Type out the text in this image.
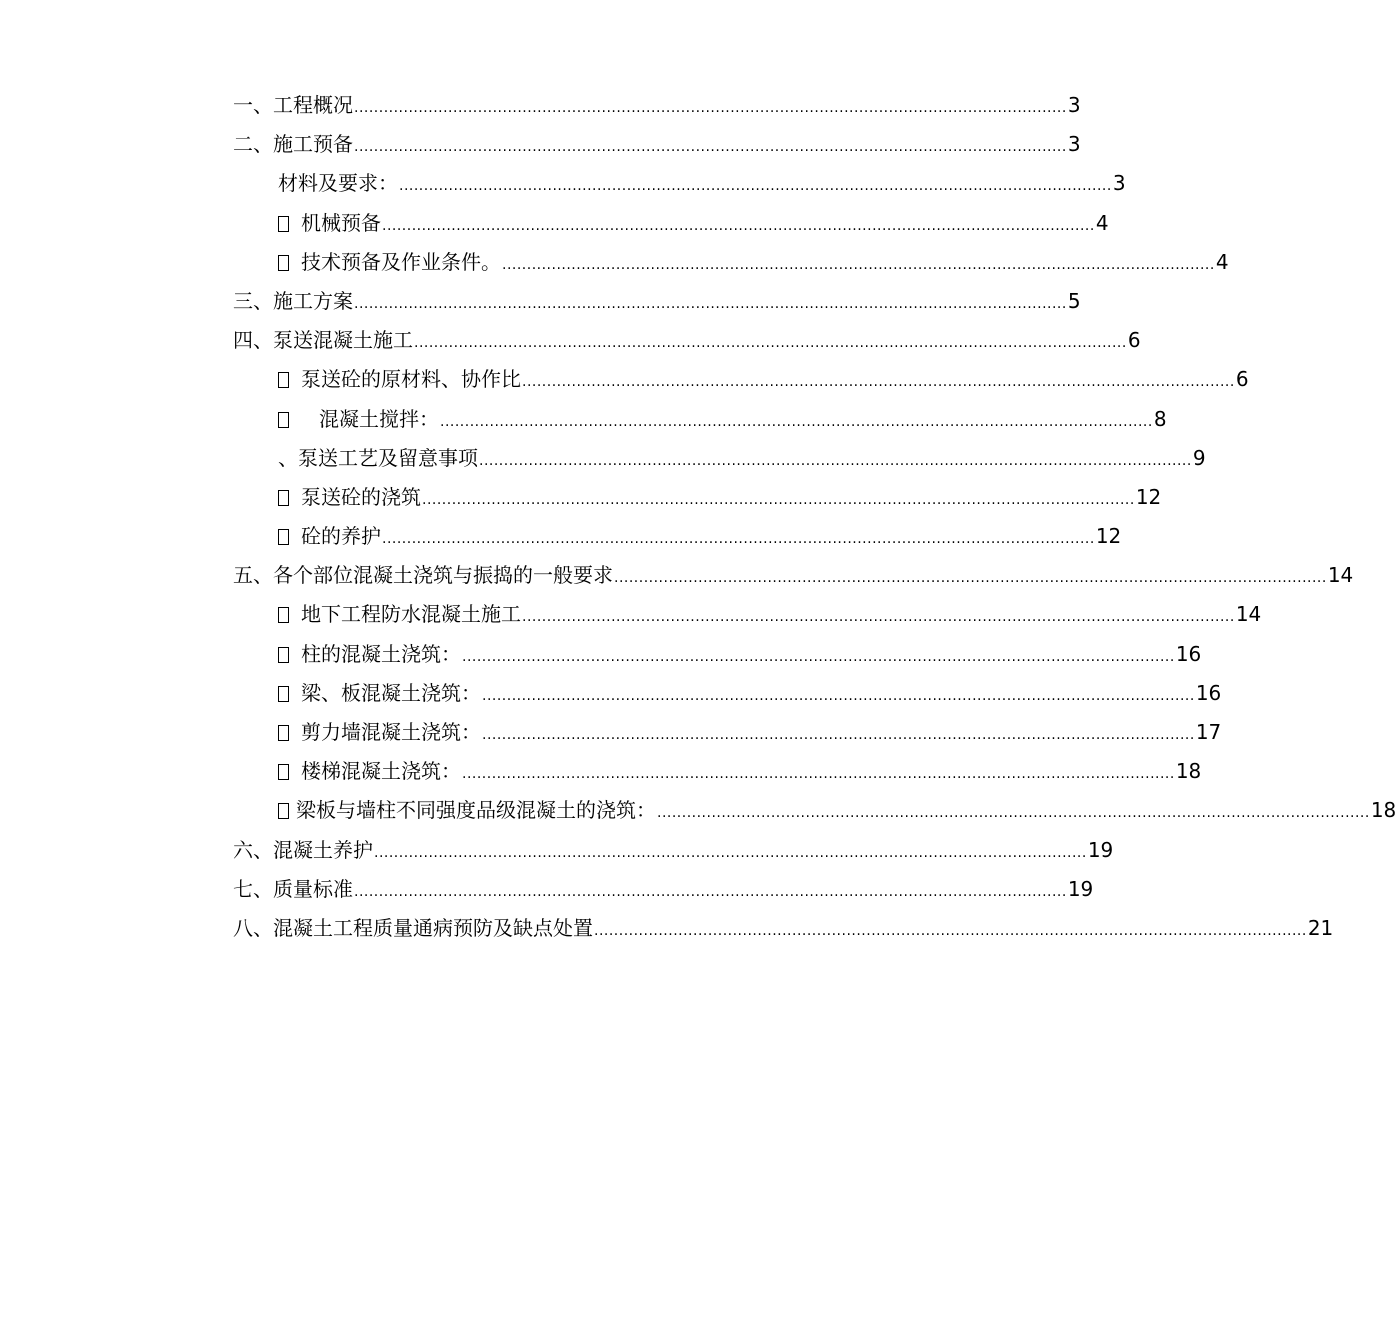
一、工程概况 ................................................................................................................................................ 3
二、施工预备 ................................................................................................................................................ 3
材料及要求： ................................................................................................................................................ 3
机械预备 ................................................................................................................................................ 4
技术预备及作业条件。 ................................................................................................................................................ 4
三、施工方案 ................................................................................................................................................ 5
四、泵送混凝土施工 ................................................................................................................................................ 6
泵送砼的原材料、协作比 ................................................................................................................................................ 6
混凝土搅拌： ................................................................................................................................................ 8
、泵送工艺及留意事项 ................................................................................................................................................ 9
泵送砼的浇筑 ................................................................................................................................................ 12
砼的养护 ................................................................................................................................................ 12
五、各个部位混凝土浇筑与振捣的一般要求 ................................................................................................................................................ 14
地下工程防水混凝土施工 ................................................................................................................................................ 14
柱的混凝土浇筑： ................................................................................................................................................ 16
梁、板混凝土浇筑： ................................................................................................................................................ 16
剪力墙混凝土浇筑： ................................................................................................................................................ 17
楼梯混凝土浇筑： ................................................................................................................................................ 18
梁板与墙柱不同强度品级混凝土的浇筑： ................................................................................................................................................ 18
六、混凝土养护 ................................................................................................................................................ 19
七、质量标准 ................................................................................................................................................ 19
八、混凝土工程质量通病预防及缺点处置 ................................................................................................................................................ 21
